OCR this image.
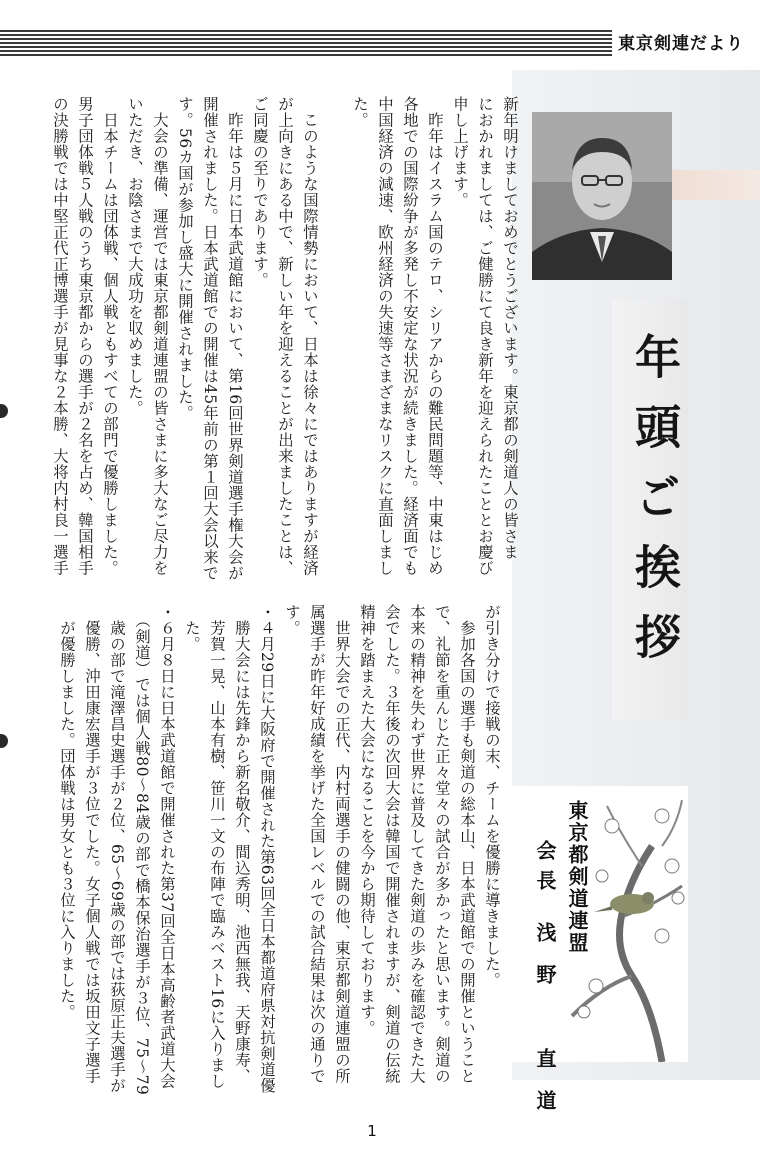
東京剣連だより
年頭ご挨拶
東京都剣道連盟
会長浅野　直道

新年明けましておめでとうございます。東京都の剣道人の皆さま

におかれましては、ご健勝にて良き新年を迎えられたこととお慶び

申し上げます。

　昨年はイスラム国のテロ、シリアからの難民問題等、中東はじめ

各地での国際紛争が多発し不安定な状況が続きました。経済面でも

中国経済の減速、欧州経済の失速等さまざまなリスクに直面しまし

た。

　このような国際情勢において、日本は徐々にではありますが経済

が上向きにある中で、新しい年を迎えることが出来ましたことは、

ご同慶の至りであります。

　昨年は５月に日本武道館において、第16回世界剣道選手権大会が

開催されました。日本武道館での開催は45年前の第１回大会以来で

す。56カ国が参加し盛大に開催されました。

　大会の準備、運営では東京都剣道連盟の皆さまに多大なご尽力を

いただき、お陰さまで大成功を収めました。

　日本チームは団体戦、個人戦ともすべての部門で優勝しました。

男子団体戦５人戦のうち東京都からの選手が２名を占め、韓国相手

の決勝戦では中堅正代正博選手が見事な２本勝、大将内村良一選手

が引き分けで接戦の末、チームを優勝に導きました。

　参加各国の選手も剣道の総本山、日本武道館での開催ということ

で、礼節を重んじた正々堂々の試合が多かったと思います。剣道の

本来の精神を失わず世界に普及してきた剣道の歩みを確認できた大

会でした。３年後の次回大会は韓国で開催されますが、剣道の伝統

精神を踏まえた大会になることを今から期待しております。

　世界大会での正代、内村両選手の健闘の他、東京都剣道連盟の所

属選手が昨年好成績を挙げた全国レベルでの試合結果は次の通りで

す。

・４月29日に大阪府で開催された第63回全日本都道府県対抗剣道優

　勝大会には先鋒から新名敬介、間込秀明、池西無我、天野康寿、

　芳賀一晃、山本有樹、笹川一文の布陣で臨みベスト16に入りまし

　た。

・６月８日に日本武道館で開催された第37回全日本高齢者武道大会

　（剣道）では個人戦80～84歳の部で橋本保治選手が３位、75～79

　歳の部で滝澤昌史選手が２位、65～69歳の部では荻原正夫選手が

　優勝、沖田康宏選手が３位でした。女子個人戦では坂田文子選手

　が優勝しました。団体戦は男女とも３位に入りました。

1
